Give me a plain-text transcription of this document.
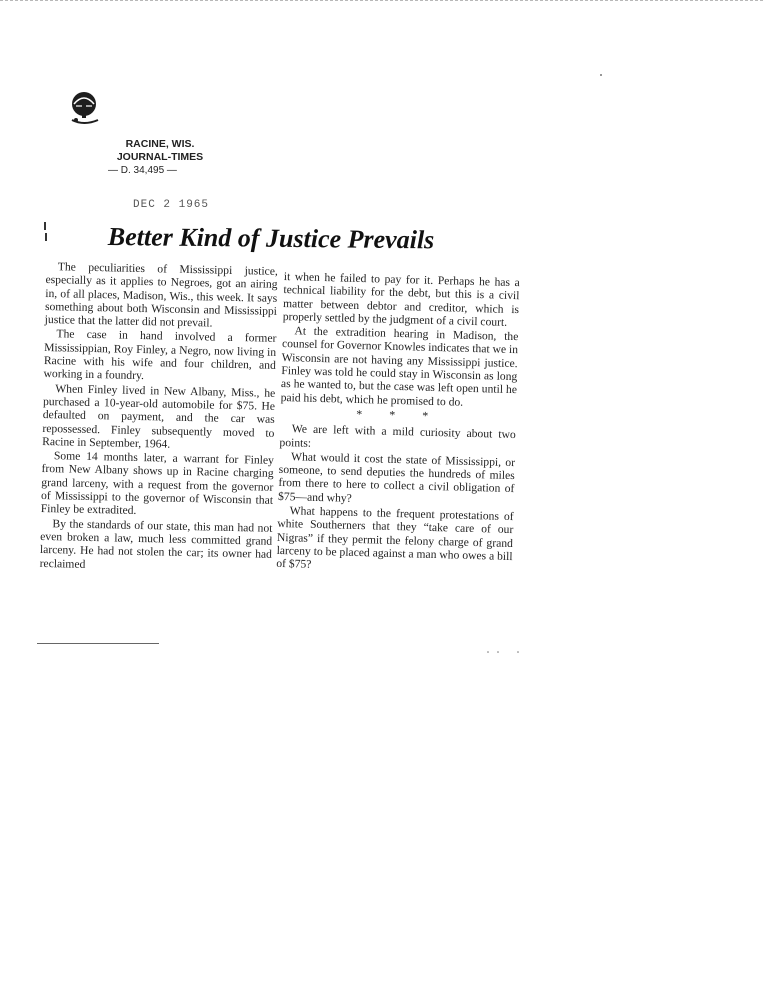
RACINE, WIS.
JOURNAL-TIMES
— D. 34,495 —
DEC 2 1965
Better Kind of Justice Prevails

The peculiarities of Mississippi justice, especially as it applies to Negroes, got an airing in, of all places, Madison, Wis., this week. It says something about both Wisconsin and Mississippi justice that the latter did not prevail.

The case in hand involved a former Mississippian, Roy Finley, a Negro, now living in Racine with his wife and four children, and working in a foundry.

When Finley lived in New Albany, Miss., he purchased a 10-year-old automobile for $75. He defaulted on payment, and the car was repossessed. Finley subsequently moved to Racine in September, 1964.

Some 14 months later, a warrant for Finley from New Albany shows up in Racine charging grand larceny, with a request from the governor of Mississippi to the governor of Wisconsin that Finley be extradited.

By the standards of our state, this man had not even broken a law, much less committed grand larceny. He had not stolen the car; its owner had reclaimed

it when he failed to pay for it. Perhaps he has a technical liability for the debt, but this is a civil matter between debtor and creditor, which is properly settled by the judgment of a civil court.

At the extradition hearing in Madison, the counsel for Governor Knowles indicates that we in Wisconsin are not having any Mississippi justice. Finley was told he could stay in Wisconsin as long as he wanted to, but the case was left open until he paid his debt, which he promised to do.

* * *

We are left with a mild curiosity about two points:

What would it cost the state of Mississippi, or someone, to send deputies the hundreds of miles from there to here to collect a civil obligation of $75—and why?

What happens to the frequent protestations of white Southerners that they “take care of our Nigras” if they permit the felony charge of grand larceny to be placed against a man who owes a bill of $75?
